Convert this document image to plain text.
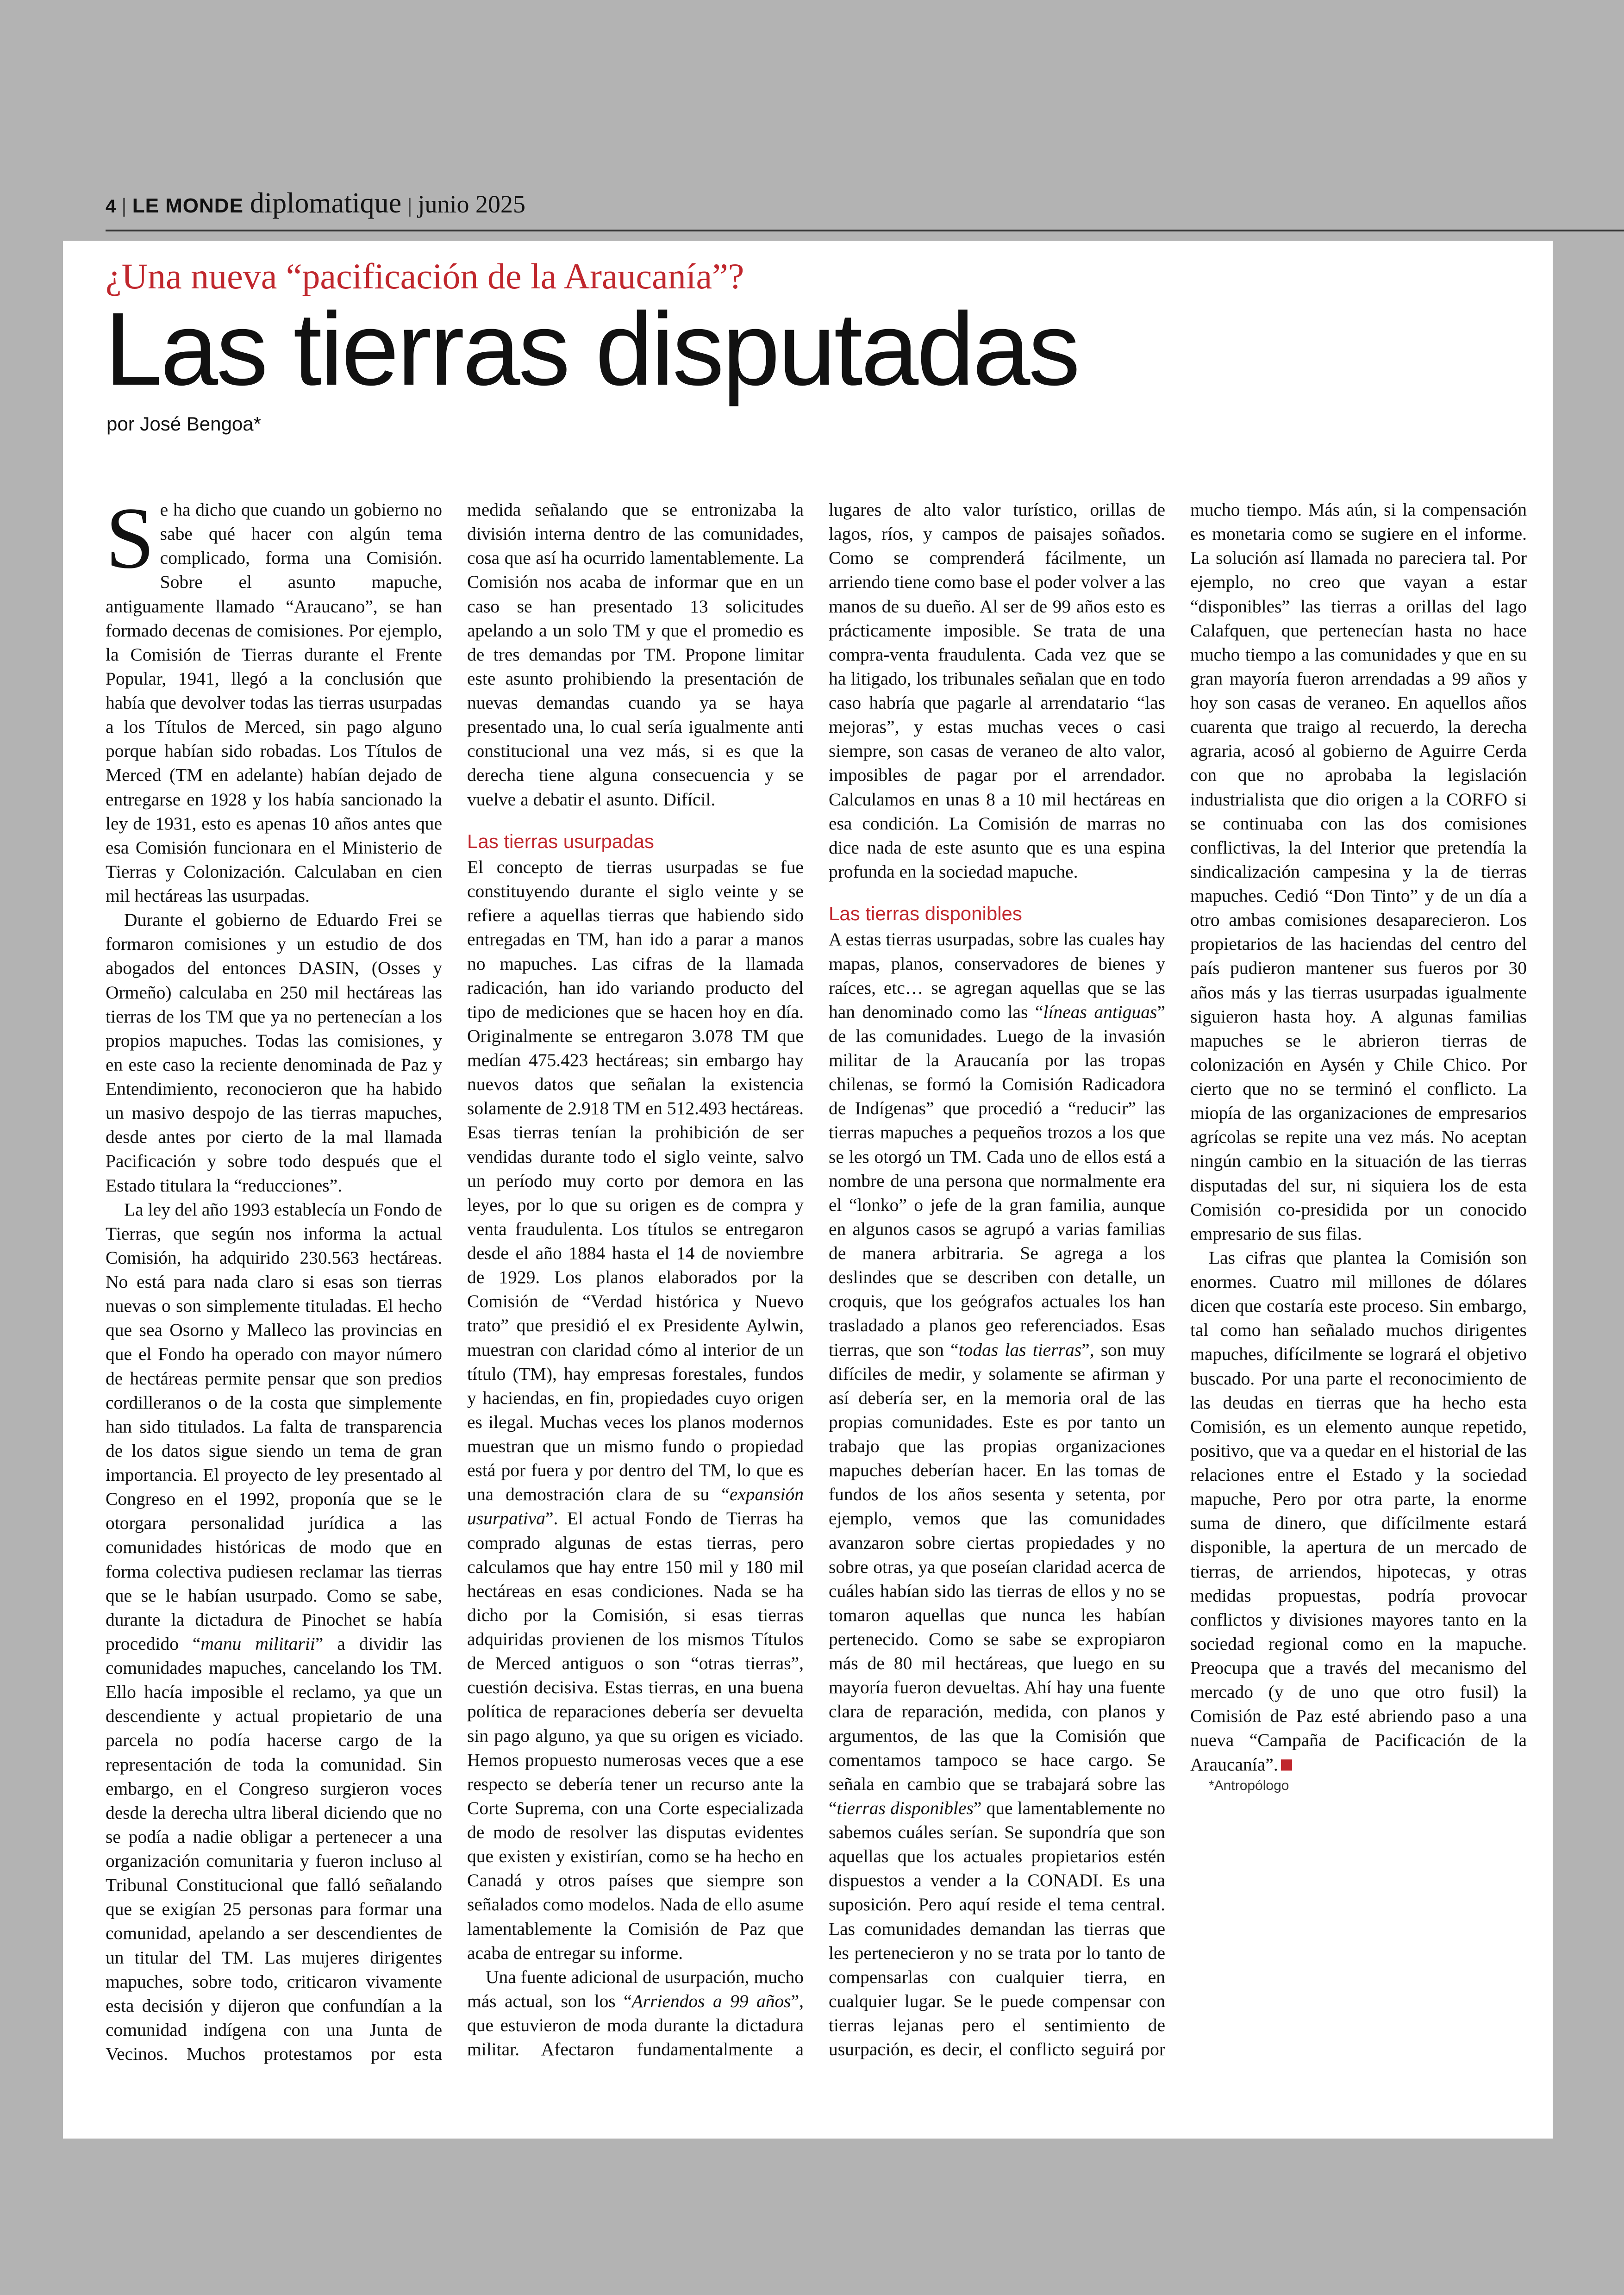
4 | LE MONDE diplomatique | junio 2025
¿Una nueva “pacificación de la Araucanía”?
Las tierras disputadas

por José Bengoa*

Se ha dicho que cuando un gobierno no sabe qué hacer con algún tema complicado, forma una Comisión. Sobre el asunto mapuche, antiguamente llamado “Araucano”, se han formado decenas de comisiones. Por ejemplo, la Comisión de Tierras durante el Frente Popular, 1941, llegó a la conclusión que había que devolver todas las tierras usurpadas a los Títulos de Merced, sin pago alguno porque habían sido robadas. Los Títulos de Merced (TM en adelante) habían dejado de entregarse en 1928 y los había sancionado la ley de 1931, esto es apenas 10 años antes que esa Comisión funcionara en el Ministerio de Tierras y Colonización. Calculaban en cien mil hectáreas las usurpadas.

Durante el gobierno de Eduardo Frei se formaron comisiones y un estudio de dos abogados del entonces DASIN, (Osses y Ormeño) calculaba en 250 mil hectáreas las tierras de los TM que ya no pertenecían a los propios mapuches. Todas las comisiones, y en este caso la reciente denominada de Paz y Entendimiento, reconocieron que ha habido un masivo despojo de las tierras mapuches, desde antes por cierto de la mal llamada Pacificación y sobre todo después que el Estado titulara la “reducciones”.

La ley del año 1993 establecía un Fondo de Tierras, que según nos informa la actual Comisión, ha adquirido 230.563 hectáreas. No está para nada claro si esas son tierras nuevas o son simplemente tituladas. El hecho que sea Osorno y Malleco las provincias en que el Fondo ha operado con mayor número de hectáreas permite pensar que son predios cordilleranos o de la costa que simplemente han sido titulados. La falta de transparencia de los datos sigue siendo un tema de gran importancia. El proyecto de ley presentado al Congreso en el 1992, proponía que se le otorgara personalidad jurídica a las comunidades históricas de modo que en forma colectiva pudiesen reclamar las tierras que se le habían usurpado. Como se sabe, durante la dictadura de Pinochet se había procedido “manu militarii” a dividir las comunidades mapuches, cancelando los TM. Ello hacía imposible el reclamo, ya que un descendiente y actual propietario de una parcela no podía hacerse cargo de la representación de toda la comunidad. Sin embargo, en el Congreso surgieron voces desde la derecha ultra liberal diciendo que no se podía a nadie obligar a pertenecer a una organización comunitaria y fueron incluso al Tribunal Constitucional que falló señalando que se exigían 25 personas para formar una comunidad, apelando a ser descendientes de un titular del TM. Las mujeres dirigentes mapuches, sobre todo, criticaron vivamente esta decisión y dijeron que confundían a la comunidad indígena con una Junta de Vecinos. Muchos protestamos por esta medida señalando que se entronizaba la división interna dentro de las comunidades, cosa que así ha ocurrido lamentablemente. La Comisión nos acaba de informar que en un caso se han presentado 13 solicitudes apelando a un solo TM y que el promedio es de tres demandas por TM. Propone limitar este asunto prohibiendo la presentación de nuevas demandas cuando ya se haya presentado una, lo cual sería igualmente anti constitucional una vez más, si es que la derecha tiene alguna consecuencia y se vuelve a debatir el asunto. Difícil.

Las tierras usurpadas

El concepto de tierras usurpadas se fue constituyendo durante el siglo veinte y se refiere a aquellas tierras que habiendo sido entregadas en TM, han ido a parar a manos no mapuches. Las cifras de la llamada radicación, han ido variando producto del tipo de mediciones que se hacen hoy en día. Originalmente se entregaron 3.078 TM que medían 475.423 hectáreas; sin embargo hay nuevos datos que señalan la existencia solamente de 2.918 TM en 512.493 hectáreas. Esas tierras tenían la prohibición de ser vendidas durante todo el siglo veinte, salvo un período muy corto por demora en las leyes, por lo que su origen es de compra y venta fraudulenta. Los títulos se entregaron desde el año 1884 hasta el 14 de noviembre de 1929. Los planos elaborados por la Comisión de “Verdad histórica y Nuevo trato” que presidió el ex Presidente Aylwin, muestran con claridad cómo al interior de un título (TM), hay empresas forestales, fundos y haciendas, en fin, propiedades cuyo origen es ilegal. Muchas veces los planos modernos muestran que un mismo fundo o propiedad está por fuera y por dentro del TM, lo que es una demostración clara de su “expansión usurpativa”. El actual Fondo de Tierras ha comprado algunas de estas tierras, pero calculamos que hay entre 150 mil y 180 mil hectáreas en esas condiciones. Nada se ha dicho por la Comisión, si esas tierras adquiridas provienen de los mismos Títulos de Merced antiguos o son “otras tierras”, cuestión decisiva. Estas tierras, en una buena política de reparaciones debería ser devuelta sin pago alguno, ya que su origen es viciado. Hemos propuesto numerosas veces que a ese respecto se debería tener un recurso ante la Corte Suprema, con una Corte especializada de modo de resolver las disputas evidentes que existen y existirían, como se ha hecho en Canadá y otros países que siempre son señalados como modelos. Nada de ello asume lamentablemente la Comisión de Paz que acaba de entregar su informe.

Una fuente adicional de usurpación, mucho más actual, son los “Arriendos a 99 años”, que estuvieron de moda durante la dictadura militar. Afectaron fundamentalmente a lugares de alto valor turístico, orillas de lagos, ríos, y campos de paisajes soñados. Como se comprenderá fácilmente, un arriendo tiene como base el poder volver a las manos de su dueño. Al ser de 99 años esto es prácticamente imposible. Se trata de una compra-venta fraudulenta. Cada vez que se ha litigado, los tribunales señalan que en todo caso habría que pagarle al arrendatario “las mejoras”, y estas muchas veces o casi siempre, son casas de veraneo de alto valor, imposibles de pagar por el arrendador. Calculamos en unas 8 a 10 mil hectáreas en esa condición. La Comisión de marras no dice nada de este asunto que es una espina profunda en la sociedad mapuche.

Las tierras disponibles

A estas tierras usurpadas, sobre las cuales hay mapas, planos, conservadores de bienes y raíces, etc… se agregan aquellas que se las han denominado como las “líneas antiguas” de las comunidades. Luego de la invasión militar de la Araucanía por las tropas chilenas, se formó la Comisión Radicadora de Indígenas” que procedió a “reducir” las tierras mapuches a pequeños trozos a los que se les otorgó un TM. Cada uno de ellos está a nombre de una persona que normalmente era el “lonko” o jefe de la gran familia, aunque en algunos casos se agrupó a varias familias de manera arbitraria. Se agrega a los deslindes que se describen con detalle, un croquis, que los geógrafos actuales los han trasladado a planos geo referenciados. Esas tierras, que son “todas las tierras”, son muy difíciles de medir, y solamente se afirman y así debería ser, en la memoria oral de las propias comunidades. Este es por tanto un trabajo que las propias organizaciones mapuches deberían hacer. En las tomas de fundos de los años sesenta y setenta, por ejemplo, vemos que las comunidades avanzaron sobre ciertas propiedades y no sobre otras, ya que poseían claridad acerca de cuáles habían sido las tierras de ellos y no se tomaron aquellas que nunca les habían pertenecido. Como se sabe se expropiaron más de 80 mil hectáreas, que luego en su mayoría fueron devueltas. Ahí hay una fuente clara de reparación, medida, con planos y argumentos, de las que la Comisión que comentamos tampoco se hace cargo. Se señala en cambio que se trabajará sobre las “tierras disponibles” que lamentablemente no sabemos cuáles serían. Se supondría que son aquellas que los actuales propietarios estén dispuestos a vender a la CONADI. Es una suposición. Pero aquí reside el tema central. Las comunidades demandan las tierras que les pertenecieron y no se trata por lo tanto de compensarlas con cualquier tierra, en cualquier lugar. Se le puede compensar con tierras lejanas pero el sentimiento de usurpación, es decir, el conflicto seguirá por mucho tiempo. Más aún, si la compensación es monetaria como se sugiere en el informe. La solución así llamada no pareciera tal. Por ejemplo, no creo que vayan a estar “disponibles” las tierras a orillas del lago Calafquen, que pertenecían hasta no hace mucho tiempo a las comunidades y que en su gran mayoría fueron arrendadas a 99 años y hoy son casas de veraneo. En aquellos años cuarenta que traigo al recuerdo, la derecha agraria, acosó al gobierno de Aguirre Cerda con que no aprobaba la legislación industrialista que dio origen a la CORFO si se continuaba con las dos comisiones conflictivas, la del Interior que pretendía la sindicalización campesina y la de tierras mapuches. Cedió “Don Tinto” y de un día a otro ambas comisiones desaparecieron. Los propietarios de las haciendas del centro del país pudieron mantener sus fueros por 30 años más y las tierras usurpadas igualmente siguieron hasta hoy. A algunas familias mapuches se le abrieron tierras de colonización en Aysén y Chile Chico. Por cierto que no se terminó el conflicto. La miopía de las organizaciones de empresarios agrícolas se repite una vez más. No aceptan ningún cambio en la situación de las tierras disputadas del sur, ni siquiera los de esta Comisión co-presidida por un conocido empresario de sus filas.

Las cifras que plantea la Comisión son enormes. Cuatro mil millones de dólares dicen que costaría este proceso. Sin embargo, tal como han señalado muchos dirigentes mapuches, difícilmente se logrará el objetivo buscado. Por una parte el reconocimiento de las deudas en tierras que ha hecho esta Comisión, es un elemento aunque repetido, positivo, que va a quedar en el historial de las relaciones entre el Estado y la sociedad mapuche, Pero por otra parte, la enorme suma de dinero, que difícilmente estará disponible, la apertura de un mercado de tierras, de arriendos, hipotecas, y otras medidas propuestas, podría provocar conflictos y divisiones mayores tanto en la sociedad regional como en la mapuche. Preocupa que a través del mecanismo del mercado (y de uno que otro fusil) la Comisión de Paz esté abriendo paso a una nueva “Campaña de Pacificación de la Araucanía”.

*Antropólogo
